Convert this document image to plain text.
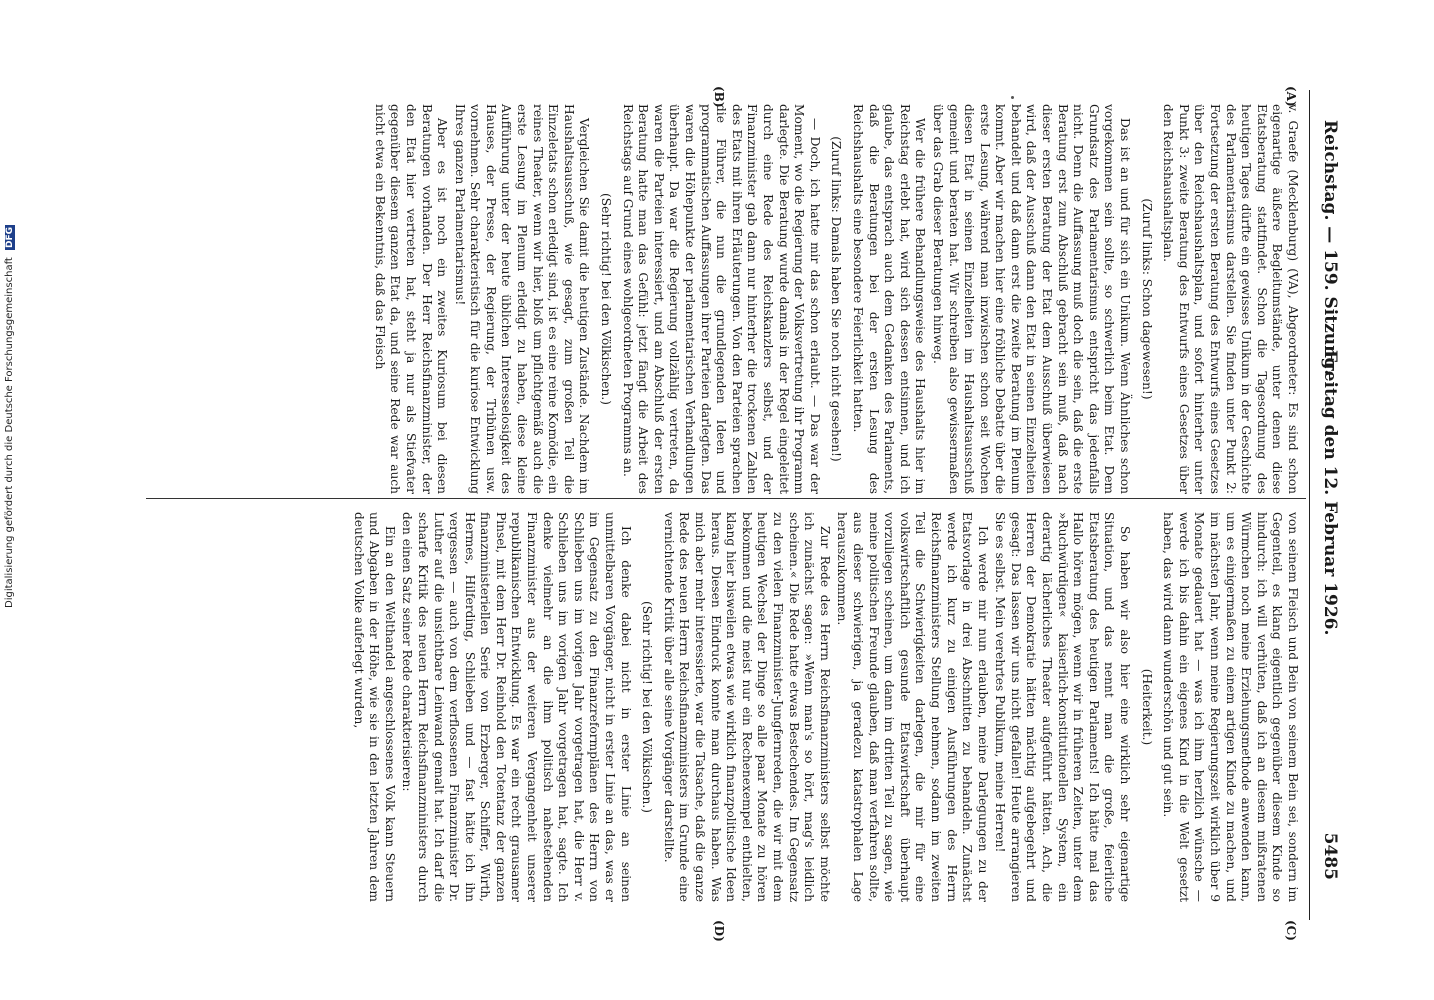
Digitalisierung gefördert durch die Deutsche Forschungsgemeinschaft DFG	Reichstag. — 159. Sitzung.
Freitag den 12. Februar 1926.
5485
(A)
(B)
(C)
(D)

v. Graefe (Mecklenburg) (VA), Abgeordneter: Es sind schon eigenartige äußere Begleitumstände, unter denen diese Etatsberatung stattfindet. Schon die Tagesordnung des heutigen Tages dürfte ein gewisses Unikum in der Geschichte des Parlamentarismus darstellen. Sie finden unter Punkt 2: Fortsetzung der ersten Beratung des Entwurfs eines Gesetzes über den Reichshaushaltsplan, und sofort hinterher unter Punkt 3: zweite Beratung des Entwurfs eines Gesetzes über den Reichshaushaltsplan.

(Zuruf links: Schon dagewesen!)

Das ist an und für sich ein Unikum. Wenn Ähnliches schon vorgekommen sein sollte, so schwerlich beim Etat. Dem Grundsatz des Parlamentarismus entspricht das jedenfalls nicht. Denn die Auffassung muß doch die sein, daß die erste Beratung erst zum Abschluß gebracht sein muß, daß nach dieser ersten Beratung der Etat dem Ausschuß überwiesen wird, daß der Ausschuß dann den Etat in seinen Einzelheiten behandelt und daß dann erst die zweite Beratung im Plenum kommt. Aber wir machen hier eine fröhliche Debatte über die erste Lesung, während man inzwischen schon seit Wochen diesen Etat in seinen Einzelheiten im Haushaltsausschuß gemeint und beraten hat. Wir schreiben also gewissermaßen über das Grab dieser Beratungen hinweg.

Wer die frühere Behandlungsweise des Haushalts hier im Reichstag erlebt hat, wird sich dessen entsinnen, und ich glaube, das entsprach auch dem Gedanken des Parlaments, daß die Beratungen bei der ersten Lesung des Reichshaushalts eine besondere Feierlichkeit hatten.

(Zuruf links: Damals haben Sie noch nicht gesehen!)

— Doch, ich hatte mir das schon erlaubt. — Das war der Moment, wo die Regierung der Volksvertretung ihr Programm darlegte. Die Beratung wurde damals in der Regel eingeleitet durch eine Rede des Reichskanzlers selbst, und der Finanzminister gab dann nur hinterher die trockenen Zahlen des Etats mit ihren Erläuterungen. Von den Parteien sprachen die Führer, die nun die grundlegenden Ideen und programmatischen Auffassungen ihrer Parteien darlegten. Das waren die Höhepunkte der parlamentarischen Verhandlungen überhaupt. Da war die Regierung vollzählig vertreten, da waren die Parteien interessiert, und am Abschluß der ersten Beratung hatte man das Gefühl: jetzt fängt die Arbeit des Reichstags auf Grund eines wohlgeordneten Programms an.

(Sehr richtig! bei den Völkischen.)

Vergleichen Sie damit die heutigen Zustände. Nachdem im Haushaltsausschuß, wie gesagt, zum großen Teil die Einzeletats schon erledigt sind, ist es eine reine Komödie, ein reines Theater, wenn wir hier, bloß um pflichtgemäß auch die erste Lesung im Plenum erledigt zu haben, diese kleine Aufführung unter der heute üblichen Interesselosigkeit des Hauses, der Presse, der Regierung, der Tribünen usw. vornehmen. Sehr charakteristisch für die kuriose Entwicklung Ihres ganzen Parlamentarismus!

Aber es ist noch ein zweites Kuriosum bei diesen Beratungen vorhanden. Der Herr Reichsfinanzminister, der den Etat hier vertreten hat, steht ja nur als Stiefvater gegenüber diesem ganzen Etat da, und seine Rede war auch nicht etwa ein Bekenntnis, daß das Fleisch

von seinem Fleisch und Bein von seinem Bein sei, sondern im Gegenteil, es klang eigentlich gegenüber diesem Kinde so hindurch: ich will verhüten, daß ich an diesem mißratenen Würmchen noch meine Erziehungsmethode anwenden kann, um es einigermaßen zu einem artigen Kinde zu machen, und im nächsten Jahr, wenn meine Regierungszeit wirklich über 9 Monate gedauert hat — was ich ihm herzlich wünsche — werde ich bis dahin ein eigenes Kind in die Welt gesetzt haben, das wird dann wunderschön und gut sein.

(Heiterkeit.)

So haben wir also hier eine wirklich sehr eigenartige Situation, und das nennt man die große, feierliche Etatsberatung des heutigen Parlaments! Ich hätte mal das Hallo hören mögen, wenn wir in früheren Zeiten, unter dem »Ruchwürdigen« kaiserlich-konstitutionellen System, ein derartig lächerliches Theater aufgeführt hätten. Ach, die Herren der Demokratie hätten mächtig aufgebegehrt und gesagt: Das lassen wir uns nicht gefallen! Heute arrangieren Sie es selbst. Mein verehrtes Publikum, meine Herren!

Ich werde mir nun erlauben, meine Darlegungen zu der Etatsvorlage in drei Abschnitten zu behandeln. Zunächst werde ich kurz zu einigen Ausführungen des Herrn Reichsfinanzministers Stellung nehmen, sodann im zweiten Teil die Schwierigkeiten darlegen, die mir für eine volkswirtschaftlich gesunde Etatswirtschaft überhaupt vorzuliegen scheinen, um dann im dritten Teil zu sagen, wie meine politischen Freunde glauben, daß man verfahren sollte, aus dieser schwierigen, ja geradezu katastrophalen Lage herauszukommen.

Zur Rede des Herrn Reichsfinanzministers selbst möchte ich zunächst sagen: »Wenn man's so hört, mag's leidlich scheinen.« Die Rede hatte etwas Bestechendes. Im Gegensatz zu den vielen Finanzminister-Jungfernreden, die wir mit dem heutigen Wechsel der Dinge so alle paar Monate zu hören bekommen und die meist nur ein Rechenexempel enthielten, klang hier bisweilen etwas wie wirklich finanzpolitische Ideen heraus. Diesen Eindruck konnte man durchaus haben. Was mich aber mehr interessierte, war die Tatsache, daß die ganze Rede des neuen Herrn Reichsfinanzministers im Grunde eine vernichtende Kritik über alle seine Vorgänger darstellte.

(Sehr richtig! bei den Völkischen.)

Ich denke dabei nicht in erster Linie an seinen unmittelbaren Vorgänger, nicht in erster Linie an das, was er im Gegensatz zu den Finanzreformplänen des Herrn von Schlieben uns im vorigen Jahr vorgetragen hat, die Herr v. Schlieben uns im vorigen Jahr vorgetragen hat, sagte. Ich denke vielmehr an die ihm politisch nahestehenden Finanzminister aus der weiteren Vergangenheit unserer republikanischen Entwicklung. Es war ein recht grausamer Pinsel, mit dem Herr Dr. Reinhold den Totentanz der ganzen finanzministeriellen Serie von Erzberger, Schiffer, Wirth, Hermes, Hilferding, Schlieben und — fast hätte ich ihn vergessen — auch von dem verflossenen Finanzminister Dr. Luther auf die unsichtbare Leinwand gemalt hat. Ich darf die scharfe Kritik des neuen Herrn Reichsfinanzministers durch den einen Satz seiner Rede charakterisieren:

Ein an den Welthandel angeschlossenes Volk kann Steuern und Abgaben in der Höhe, wie sie in den letzten Jahren dem deutschen Volke auferlegt wurden,
